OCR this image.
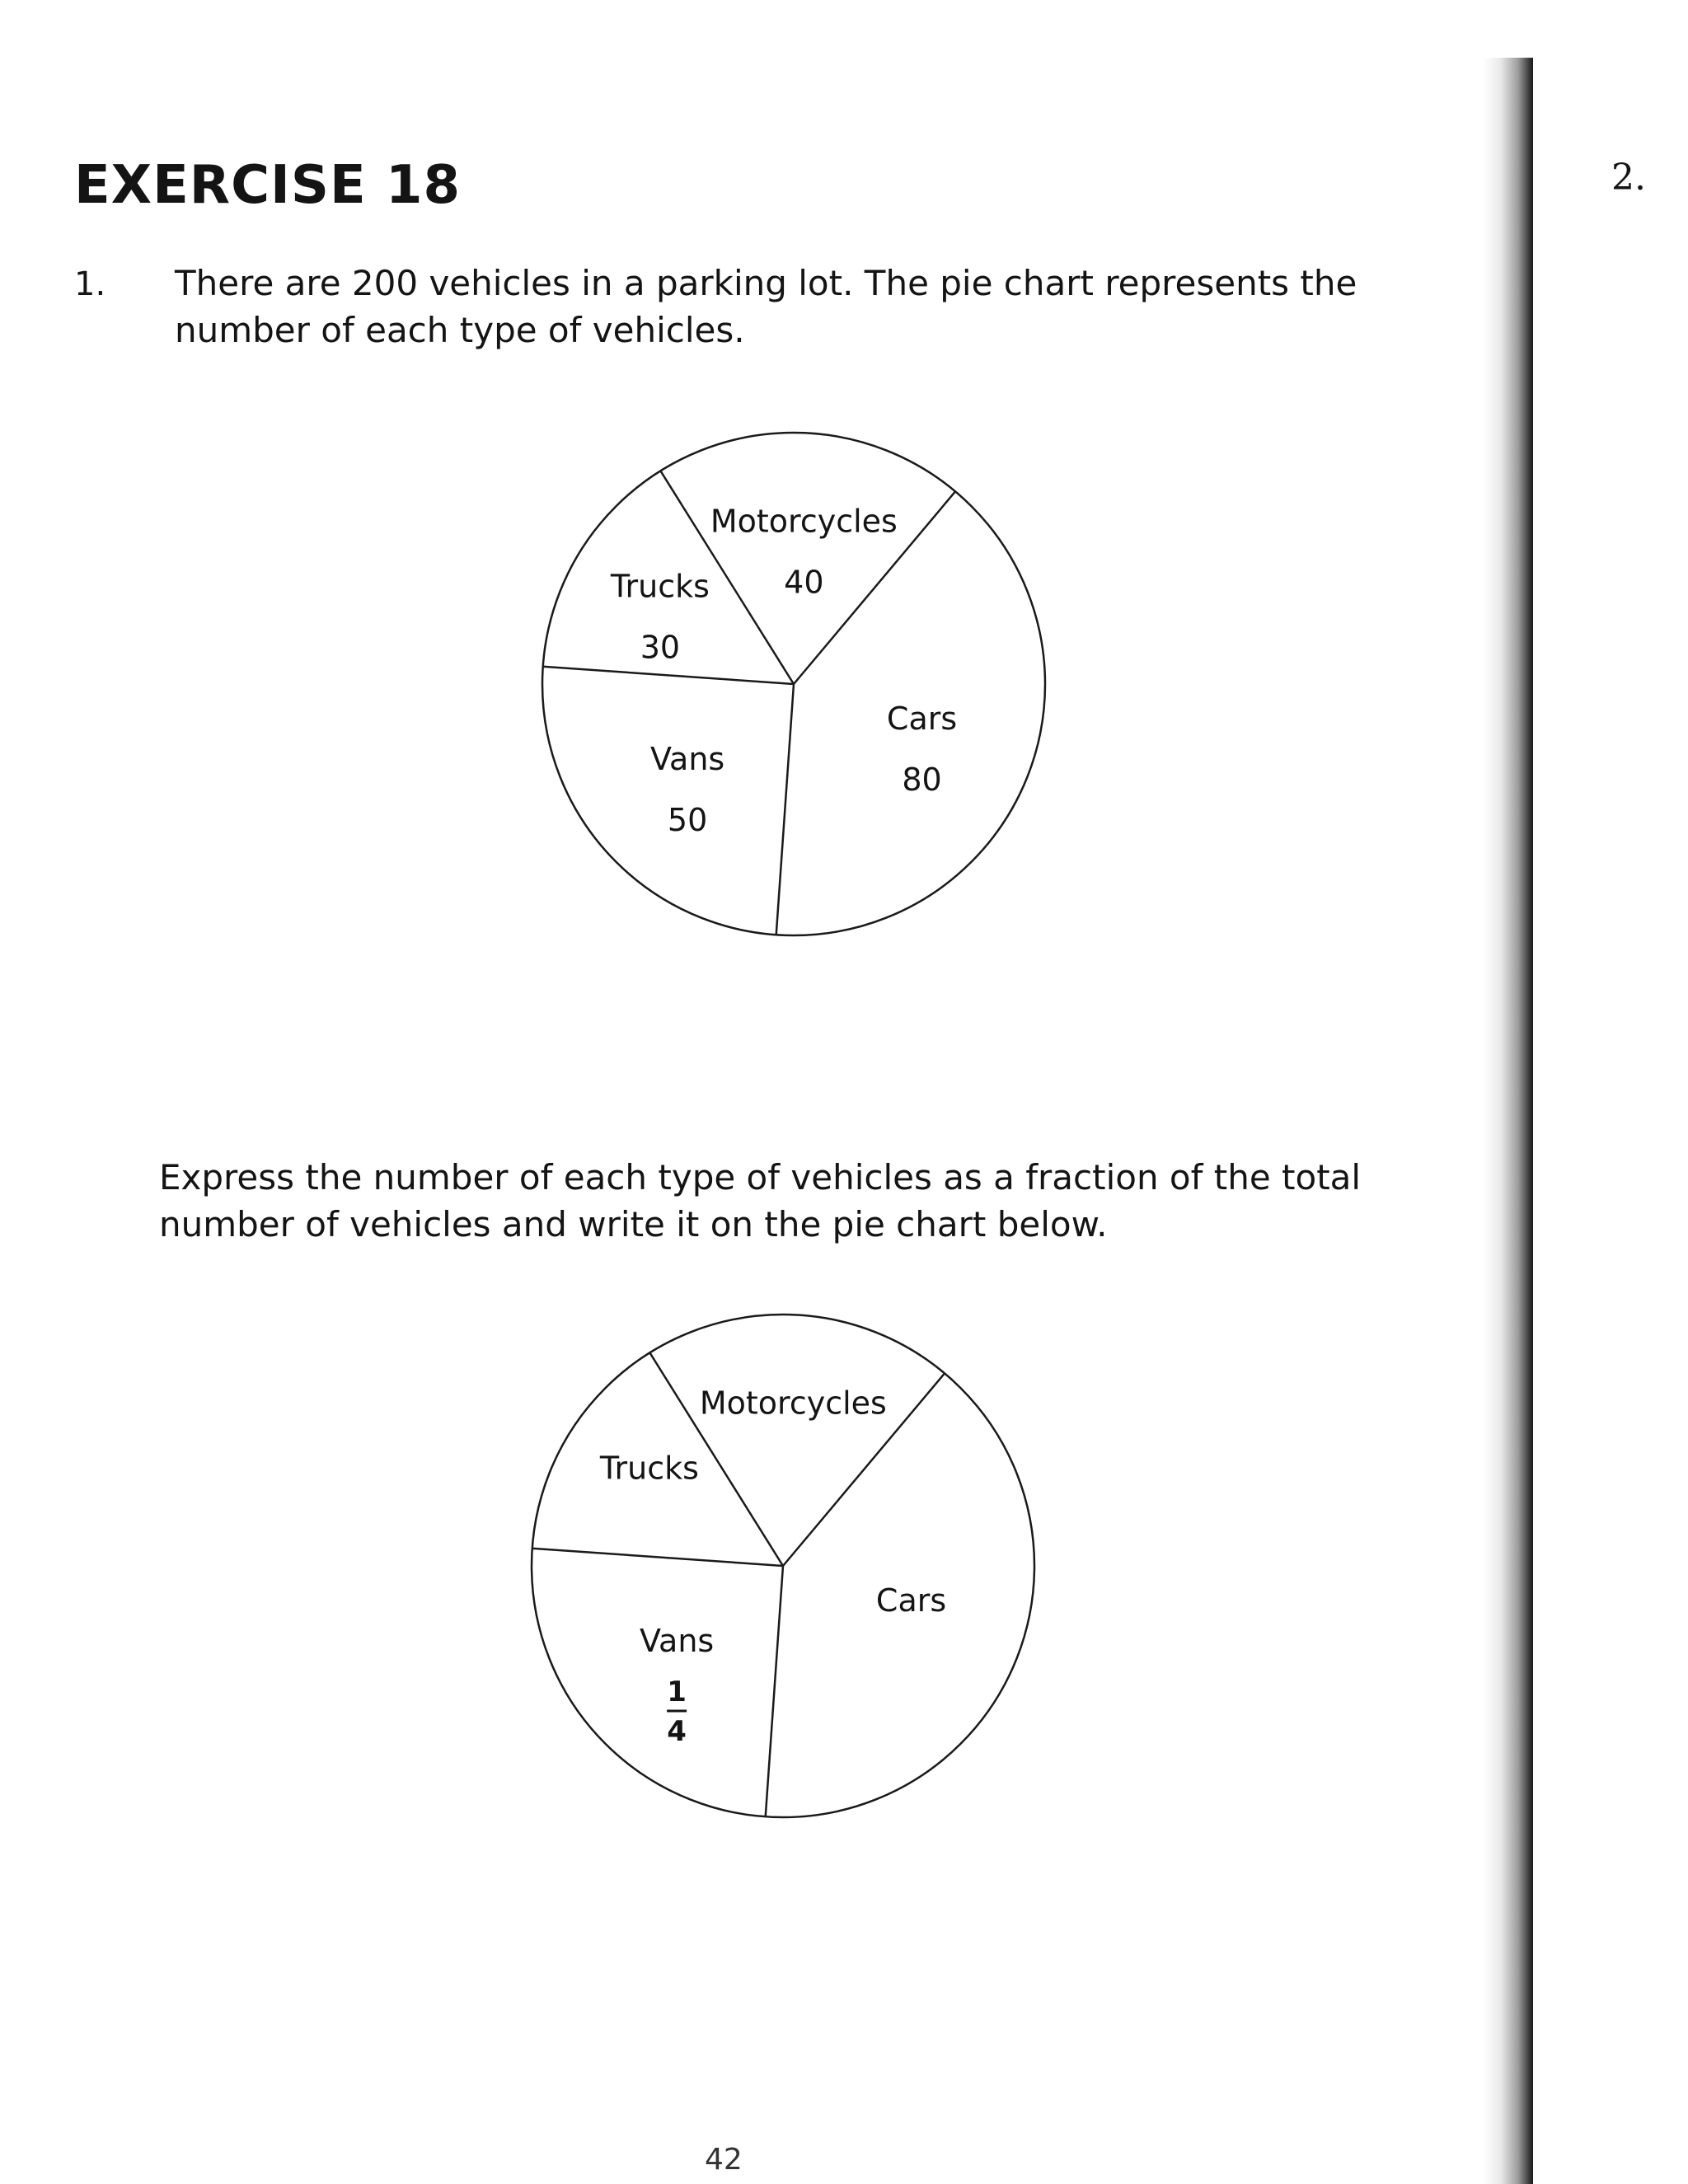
EXERCISE 18	2.
1. There are 200 vehicles in a parking lot. The pie chart represents the number of each type of vehicles.

Express the number of each type of vehicles as a fraction of the total number of vehicles and write it on the pie chart below.

42
Motorcycles
40
Cars
80
Vans
50
Trucks
30
Motorcycles
Cars
Vans
1
4
Trucks
